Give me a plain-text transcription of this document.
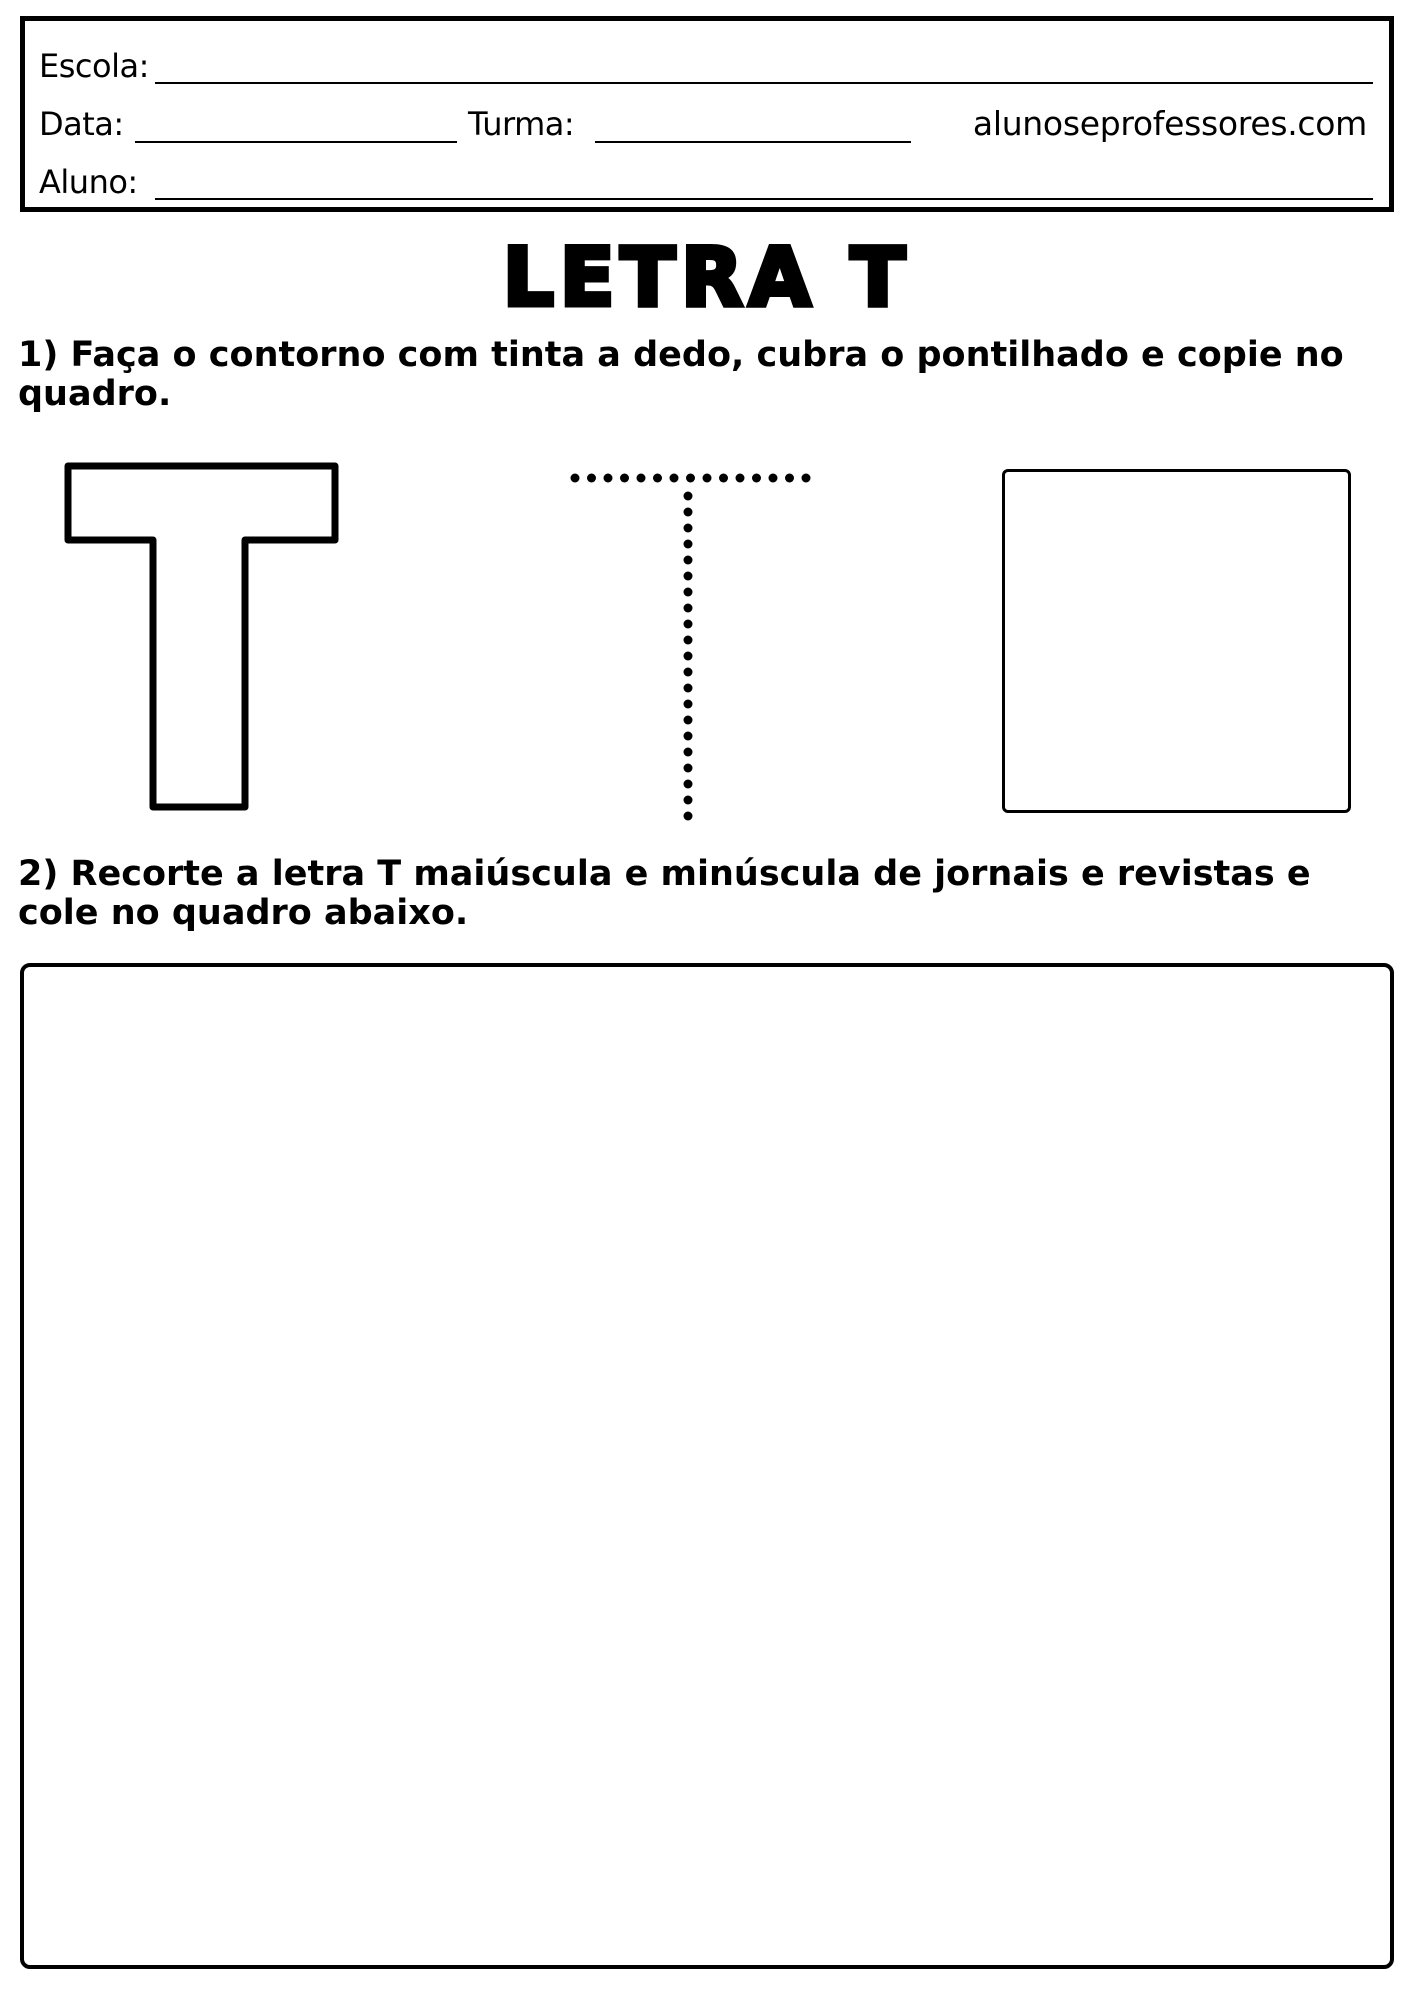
Escola:
Data:	Turma:	alunoseprofessores.com
Aluno:
LETRA T

1) Faça o contorno com tinta a dedo, cubra o pontilhado e copie no quadro.

2) Recorte a letra T maiúscula e minúscula de jornais e revistas e cole no quadro abaixo.
